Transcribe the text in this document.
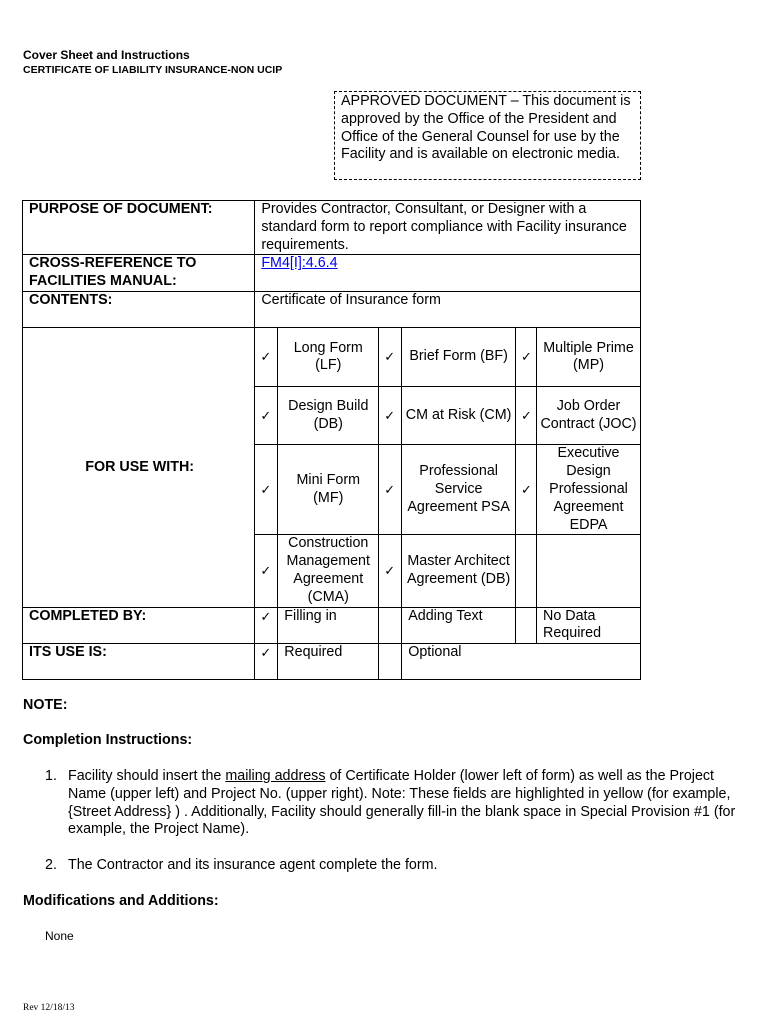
Cover Sheet and Instructions
CERTIFICATE OF LIABILITY INSURANCE-NON UCIP
APPROVED DOCUMENT – This document is approved by the Office of the President and Office of the General Counsel for use by the Facility and is available on electronic media.
PURPOSE OF DOCUMENT:	Provides Contractor, Consultant, or Designer with a standard form to report compliance with Facility insurance requirements.					
CROSS-REFERENCE TO FACILITIES MANUAL:	FM4[I]:4.6.4					
CONTENTS:	Certificate of Insurance form					
FOR USE WITH:	✓	Long Form (LF)	✓	Brief Form (BF)	✓	Multiple Prime (MP)
	✓	Design Build (DB)	✓	CM at Risk (CM)	✓	Job Order Contract (JOC)
	✓	Mini Form (MF)	✓	Professional Service Agreement PSA	✓	Executive Design Professional Agreement EDPA
	✓	Construction Management Agreement (CMA)	✓	Master Architect Agreement (DB)		
COMPLETED BY:	✓	Filling in		Adding Text		No Data Required
ITS USE IS:	✓	Required		Optional		
NOTE:
Completion Instructions:
1. Facility should insert the mailing address of Certificate Holder (lower left of form) as well as the Project Name (upper left) and Project No. (upper right). Note: These fields are highlighted in yellow (for example, {Street Address} ) . Additionally, Facility should generally fill-in the blank space in Special Provision #1 (for example, the Project Name).
2. The Contractor and its insurance agent complete the form.
Modifications and Additions:
None
Rev 12/18/13
